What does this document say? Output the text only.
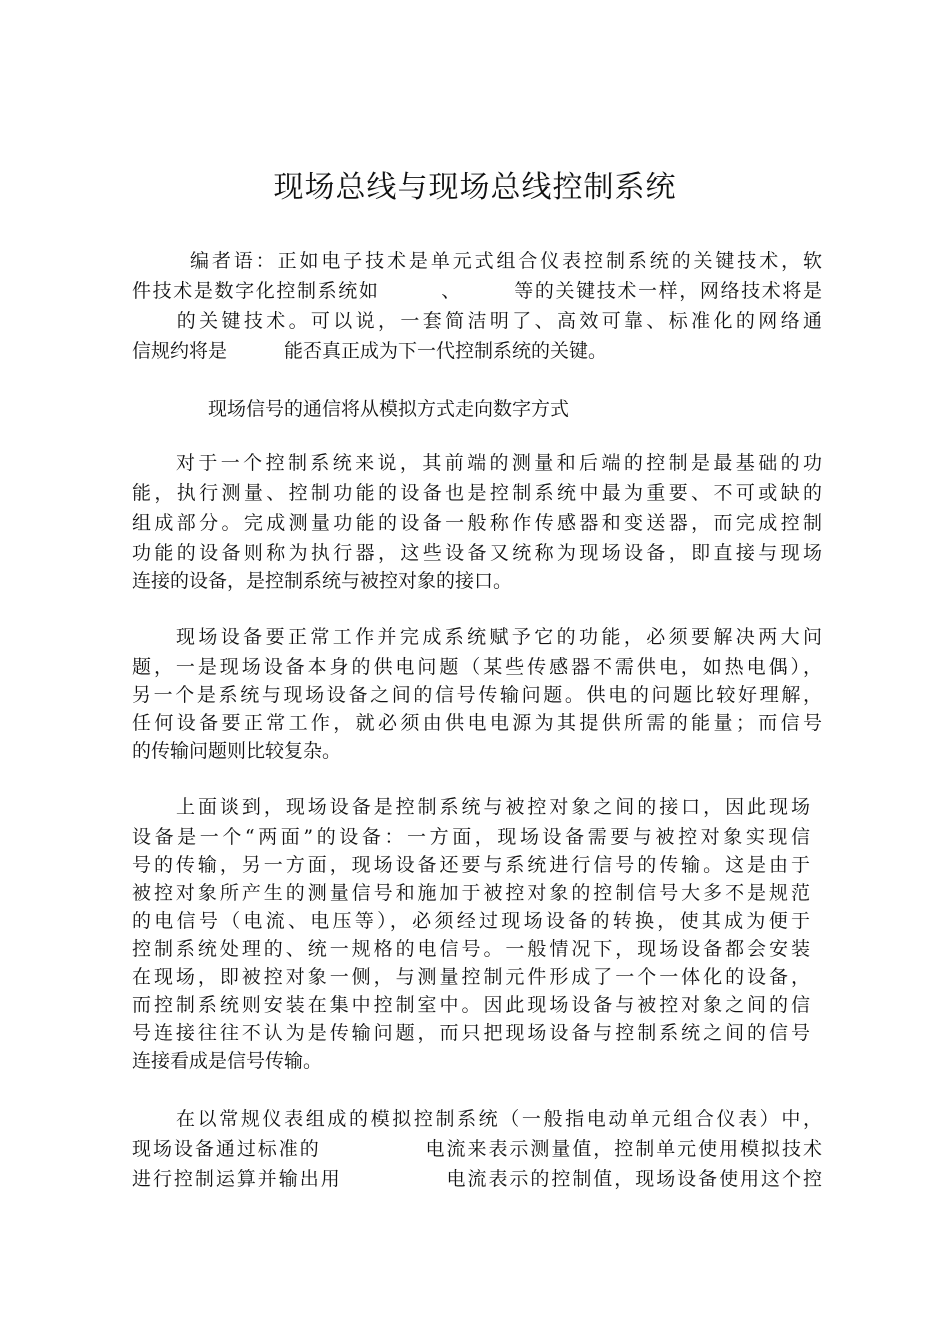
现场总线与现场总线控制系统
编者语：正如电子技术是单元式组合仪表控制系统的关键技术，软
件技术是数字化控制系统如　　　、　　　等的关键技术一样，网络技术将是
　　的关键技术。可以说，一套简洁明了、高效可靠、标准化的网络通
信规约将是　　　能否真正成为下一代控制系统的关键。
现场信号的通信将从模拟方式走向数字方式
对于一个控制系统来说，其前端的测量和后端的控制是最基础的功
能，执行测量、控制功能的设备也是控制系统中最为重要、不可或缺的
组成部分。完成测量功能的设备一般称作传感器和变送器，而完成控制
功能的设备则称为执行器，这些设备又统称为现场设备，即直接与现场
连接的设备，是控制系统与被控对象的接口。
现场设备要正常工作并完成系统赋予它的功能，必须要解决两大问
题，一是现场设备本身的供电问题（某些传感器不需供电，如热电偶），
另一个是系统与现场设备之间的信号传输问题。供电的问题比较好理解，
任何设备要正常工作，就必须由供电电源为其提供所需的能量；而信号
的传输问题则比较复杂。
上面谈到，现场设备是控制系统与被控对象之间的接口，因此现场
设备是一个“两面”的设备：一方面，现场设备需要与被控对象实现信
号的传输，另一方面，现场设备还要与系统进行信号的传输。这是由于
被控对象所产生的测量信号和施加于被控对象的控制信号大多不是规范
的电信号（电流、电压等），必须经过现场设备的转换，使其成为便于
控制系统处理的、统一规格的电信号。一般情况下，现场设备都会安装
在现场，即被控对象一侧，与测量控制元件形成了一个一体化的设备，
而控制系统则安装在集中控制室中。因此现场设备与被控对象之间的信
号连接往往不认为是传输问题，而只把现场设备与控制系统之间的信号
连接看成是信号传输。
在以常规仪表组成的模拟控制系统（一般指电动单元组合仪表）中，
现场设备通过标准的　　　　　电流来表示测量值，控制单元使用模拟技术
进行控制运算并输出用　　　　　电流表示的控制值，现场设备使用这个控
